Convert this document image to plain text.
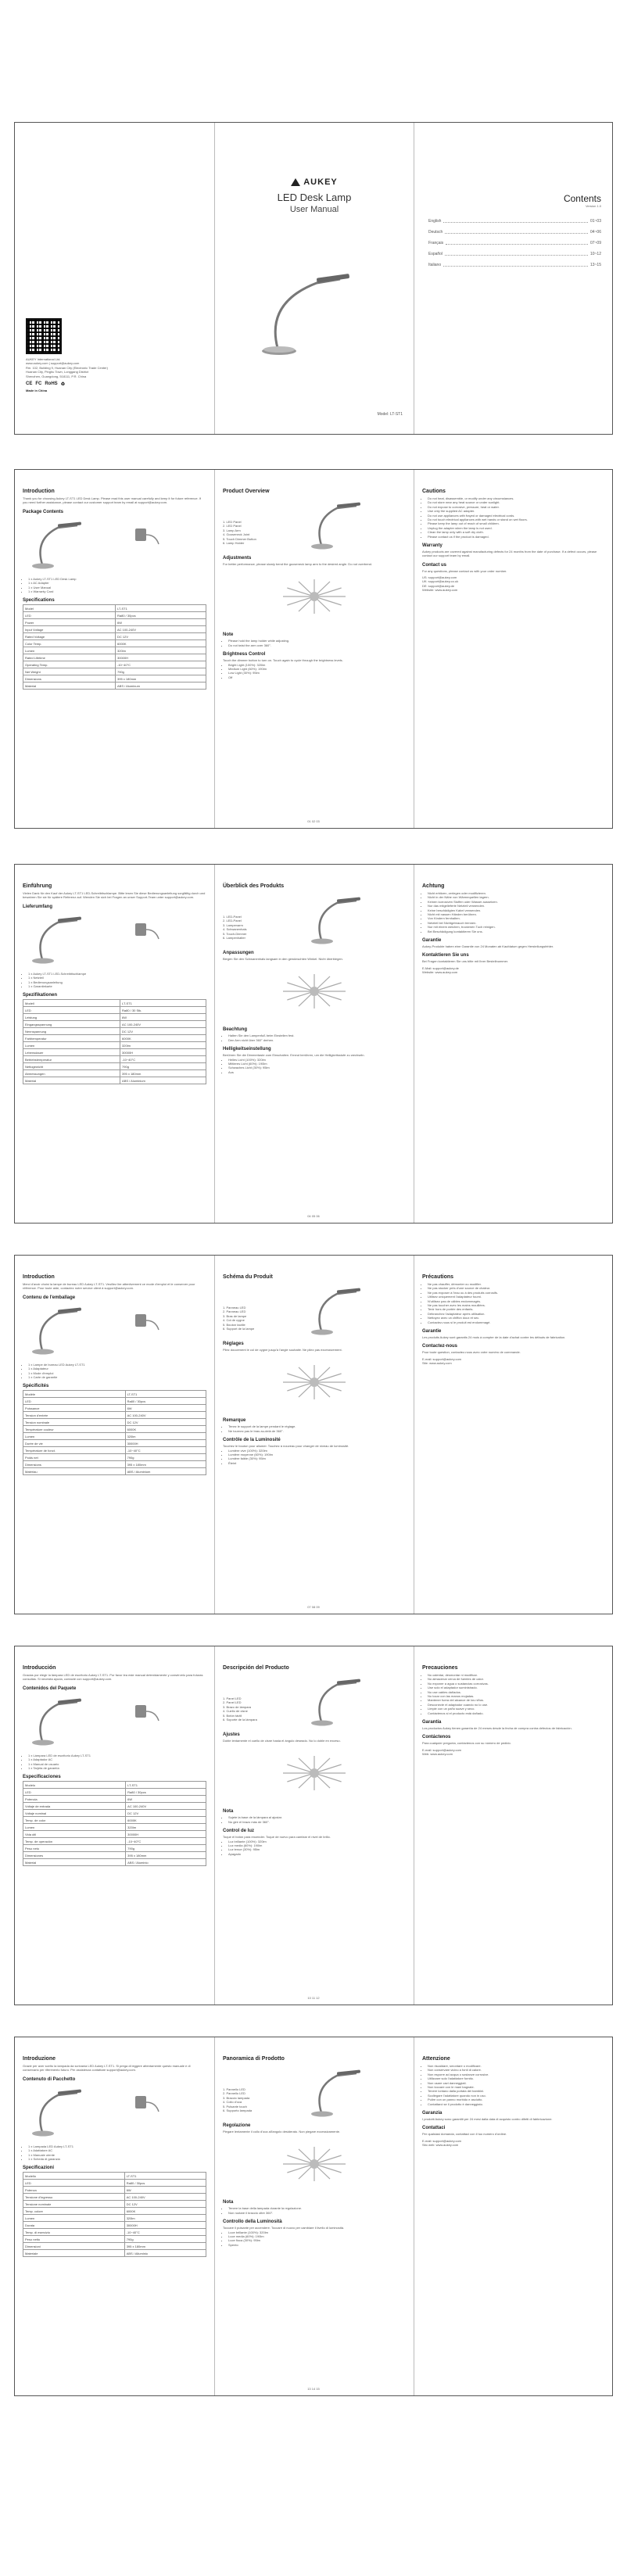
AUKEY International Ltd.
www.aukey.com | support@aukey.com
Rm. 102, Building 9, Huanan City (Electronic Trade Center)
Huanan City, Pinghu Town, Longgang District
Shenzhen, Guangdong, 518111, P.R. China
CE FC RoHS ♻
Made in China
AUKEY
LED Desk Lamp
User Manual
Model: LT-ST1
Contents
Version 1.0
English	01~03
Deutsch	04~06
Français	07~09
Español	10~12
Italiano	13~15
Introduction
Thank you for choosing Aukey LT-ST1 LED Desk Lamp. Please read this user manual carefully and keep it for future reference. If you need further assistance, please contact our customer support team by email at support@aukey.com.
Package Contents
• 1 x Aukey LT-ST1 LED Desk Lamp
• 1 x AC Adapter
• 1 x User Manual
• 1 x Warranty Card
Specifications
Model	LT-ST1
LED	Ra80 / 30pcs
Power	6W
Input Voltage	AC 100-240V
Rated Voltage	DC 12V
Color Temp.	6000K
Lumen	320lm
Rated Lifetime	30000H
Operating Temp.	-10~40°C
Net Weight	790g
Dimensions	395 x 180mm
Material	ABS / Aluminum
Product Overview
1. LED Panel
2. LED Panel
3. Lamp Arm
4. Gooseneck Joint
5. Touch Dimmer Button
6. Lamp Holder
Adjustments
For better performance, please slowly bend the gooseneck lamp arm to the desired angle. Do not overbend.
Note
• Please hold the lamp holder while adjusting.
• Do not twist the arm over 360°.
Brightness Control
Touch the dimmer button to turn on. Touch again to cycle through the brightness levels.
• Bright Light (100%): 320lm
• Medium Light (60%): 190lm
• Low Light (30%): 95lm
• Off
Cautions
• Do not heat, disassemble, or modify under any circumstances.
• Do not store near any heat source or under sunlight.
• Do not expose to corrosive, pressure, heat or water.
• Use only the supplied AC adapter.
• Do not use appliances with frayed or damaged electrical cords.
• Do not touch electrical appliances with wet hands or stand on wet floors.
• Please keep the lamp out of reach of small children.
• Unplug the adapter when the lamp is not used.
• Clean the lamp only with a soft dry cloth.
• Please contact us if the product is damaged.
Warranty
Aukey products are covered against manufacturing defects for 24 months from the date of purchase. If a defect occurs, please contact our support team by email.
Contact us
For any questions, please contact us with your order number.
US: support@aukey.com
UK: support@aukey.co.uk
DE: support@aukey.de
Website: www.aukey.com
01 02 03
Einführung
Vielen Dank für den Kauf der Aukey LT-ST1 LED-Schreibtischlampe. Bitte lesen Sie diese Bedienungsanleitung sorgfältig durch und bewahren Sie sie für spätere Referenz auf. Wenden Sie sich bei Fragen an unser Support-Team unter support@aukey.com.
Lieferumfang
• 1 x Aukey LT-ST1 LED-Schreibtischlampe
• 1 x Netzteil
• 1 x Bedienungsanleitung
• 1 x Garantiekarte
Spezifikationen
Modell	LT-ST1
LED	Ra80 / 30 Stk.
Leistung	6W
Eingangsspannung	AC 100-240V
Nennspannung	DC 12V
Farbtemperatur	6000K
Lumen	320lm
Lebensdauer	30000H
Betriebstemperatur	-10~40°C
Nettogewicht	790g
Abmessungen	395 x 180mm
Material	ABS / Aluminium
Überblick des Produkts
1. LED-Panel
2. LED-Panel
3. Lampenarm
4. Schwanenhals
5. Touch-Dimmer
6. Lampenhalter
Anpassungen
Biegen Sie den Schwanenhals langsam in den gewünschten Winkel. Nicht überbiegen.
Beachtung
• Halten Sie den Lampenfuß beim Einstellen fest.
• Den Arm nicht über 360° drehen.
Helligkeitseinstellung
Berühren Sie die Dimmertaste zum Einschalten. Erneut berühren, um die Helligkeitsstufe zu wechseln.
• Helles Licht (100%): 320lm
• Mittleres Licht (60%): 190lm
• Schwaches Licht (30%): 95lm
• Aus
Achtung
• Nicht erhitzen, zerlegen oder modifizieren.
• Nicht in der Nähe von Wärmequellen lagern.
• Keinen korrosiven Stoffen oder Wasser aussetzen.
• Nur das mitgelieferte Netzteil verwenden.
• Keine beschädigten Kabel verwenden.
• Nicht mit nassen Händen berühren.
• Von Kindern fernhalten.
• Netzteil bei Nichtgebrauch trennen.
• Nur mit einem weichen, trockenen Tuch reinigen.
• Bei Beschädigung kontaktieren Sie uns.
Garantie
Aukey-Produkte haben eine Garantie von 24 Monaten ab Kaufdatum gegen Herstellungsfehler.
Kontaktieren Sie uns
Bei Fragen kontaktieren Sie uns bitte mit Ihrer Bestellnummer.
E-Mail: support@aukey.de
Website: www.aukey.com
04 05 06
Introduction
Merci d'avoir choisi la lampe de bureau LED Aukey LT-ST1. Veuillez lire attentivement ce mode d'emploi et le conserver pour référence. Pour toute aide, contactez notre service client à support@aukey.com.
Contenu de l'emballage
• 1 x Lampe de bureau LED Aukey LT-ST1
• 1 x Adaptateur
• 1 x Mode d'emploi
• 1 x Carte de garantie
Spécificités
Modèle	LT-ST1
LED	Ra80 / 30pcs
Puissance	6W
Tension d'entrée	AC 100-240V
Tension nominale	DC 12V
Température couleur	6000K
Lumen	320lm
Durée de vie	30000H
Température de fonct.	-10~40°C
Poids net	790g
Dimensions	395 x 180mm
Matériau	ABS / Aluminium
Schéma du Produit
1. Panneau LED
2. Panneau LED
3. Bras de lampe
4. Col de cygne
5. Bouton tactile
6. Support de la lampe
Réglages
Pliez doucement le col de cygne jusqu'à l'angle souhaité. Ne pliez pas excessivement.
Remarque
• Tenez le support de la lampe pendant le réglage.
• Ne tournez pas le bras au-delà de 360°.
Contrôle de la Luminosité
Touchez le bouton pour allumer. Touchez à nouveau pour changer de niveau de luminosité.
• Lumière vive (100%): 320lm
• Lumière moyenne (60%): 190lm
• Lumière faible (30%): 95lm
• Éteint
Précautions
• Ne pas chauffer, démonter ou modifier.
• Ne pas stocker près d'une source de chaleur.
• Ne pas exposer à l'eau ou à des produits corrosifs.
• Utilisez uniquement l'adaptateur fourni.
• N'utilisez pas de câbles endommagés.
• Ne pas toucher avec les mains mouillées.
• Tenir hors de portée des enfants.
• Débranchez l'adaptateur après utilisation.
• Nettoyez avec un chiffon doux et sec.
• Contactez-nous si le produit est endommagé.
Garantie
Les produits Aukey sont garantis 24 mois à compter de la date d'achat contre les défauts de fabrication.
Contactez-nous
Pour toute question, contactez-nous avec votre numéro de commande.
E-mail: support@aukey.com
Site: www.aukey.com
07 08 09
Introducción
Gracias por elegir la lámpara LED de escritorio Aukey LT-ST1. Por favor lea este manual detenidamente y consérvelo para futuras consultas. Si necesita ayuda, contacte con support@aukey.com.
Contenidos del Paquete
• 1 x Lámpara LED de escritorio Aukey LT-ST1
• 1 x Adaptador AC
• 1 x Manual de usuario
• 1 x Tarjeta de garantía
Especificaciones
Modelo	LT-ST1
LED	Ra80 / 30pcs
Potencia	6W
Voltaje de entrada	AC 100-240V
Voltaje nominal	DC 12V
Temp. de color	6000K
Lumen	320lm
Vida útil	30000H
Temp. de operación	-10~40°C
Peso neto	790g
Dimensiones	395 x 180mm
Material	ABS / Aluminio
Descripción del Producto
1. Panel LED
2. Panel LED
3. Brazo de lámpara
4. Cuello de cisne
5. Botón táctil
6. Soporte de la lámpara
Ajustes
Doble lentamente el cuello de cisne hasta el ángulo deseado. No lo doble en exceso.
Nota
• Sujete la base de la lámpara al ajustar.
• No gire el brazo más de 360°.
Control de luz
Toque el botón para encender. Toque de nuevo para cambiar el nivel de brillo.
• Luz brillante (100%): 320lm
• Luz media (60%): 190lm
• Luz tenue (30%): 95lm
• Apagado
Precauciones
• No calentar, desmontar ni modificar.
• No almacenar cerca de fuentes de calor.
• No exponer a agua o sustancias corrosivas.
• Use solo el adaptador suministrado.
• No use cables dañados.
• No tocar con las manos mojadas.
• Mantener fuera del alcance de los niños.
• Desconecte el adaptador cuando no lo use.
• Limpie con un paño suave y seco.
• Contáctenos si el producto está dañado.
Garantía
Los productos Aukey tienen garantía de 24 meses desde la fecha de compra contra defectos de fabricación.
Contáctenos
Para cualquier pregunta, contáctenos con su número de pedido.
E-mail: support@aukey.com
Web: www.aukey.com
10 11 12
Introduzione
Grazie per aver scelto la lampada da scrivania LED Aukey LT-ST1. Si prega di leggere attentamente questo manuale e di conservarlo per riferimento futuro. Per assistenza contattare support@aukey.com.
Contenuto di Pacchetto
• 1 x Lampada LED Aukey LT-ST1
• 1 x Adattatore AC
• 1 x Manuale utente
• 1 x Scheda di garanzia
Specificazioni
Modello	LT-ST1
LED	Ra80 / 30pcs
Potenza	6W
Tensione d'ingresso	AC 100-240V
Tensione nominale	DC 12V
Temp. colore	6000K
Lumen	320lm
Durata	30000H
Temp. di esercizio	-10~40°C
Peso netto	790g
Dimensioni	395 x 180mm
Materiale	ABS / Alluminio
Panoramica di Prodotto
1. Pannello LED
2. Pannello LED
3. Braccio lampada
4. Collo d'oca
5. Pulsante touch
6. Supporto lampada
Regolazione
Piegare lentamente il collo d'oca all'angolo desiderato. Non piegare eccessivamente.
Nota
• Tenere la base della lampada durante la regolazione.
• Non ruotare il braccio oltre 360°.
Controllo della Luminosità
Toccare il pulsante per accendere. Toccare di nuovo per cambiare il livello di luminosità.
• Luce brillante (100%): 320lm
• Luce media (60%): 190lm
• Luce fioca (30%): 95lm
• Spento
Attenzione
• Non riscaldare, smontare o modificare.
• Non conservare vicino a fonti di calore.
• Non esporre ad acqua o sostanze corrosive.
• Utilizzare solo l'adattatore fornito.
• Non usare cavi danneggiati.
• Non toccare con le mani bagnate.
• Tenere lontano dalla portata dei bambini.
• Scollegare l'adattatore quando non in uso.
• Pulire con un panno morbido e asciutto.
• Contattarci se il prodotto è danneggiato.
Garanzia
I prodotti Aukey sono garantiti per 24 mesi dalla data di acquisto contro difetti di fabbricazione.
Contattaci
Per qualsiasi domanda, contattaci con il tuo numero d'ordine.
E-mail: support@aukey.com
Sito web: www.aukey.com
13 14 15
